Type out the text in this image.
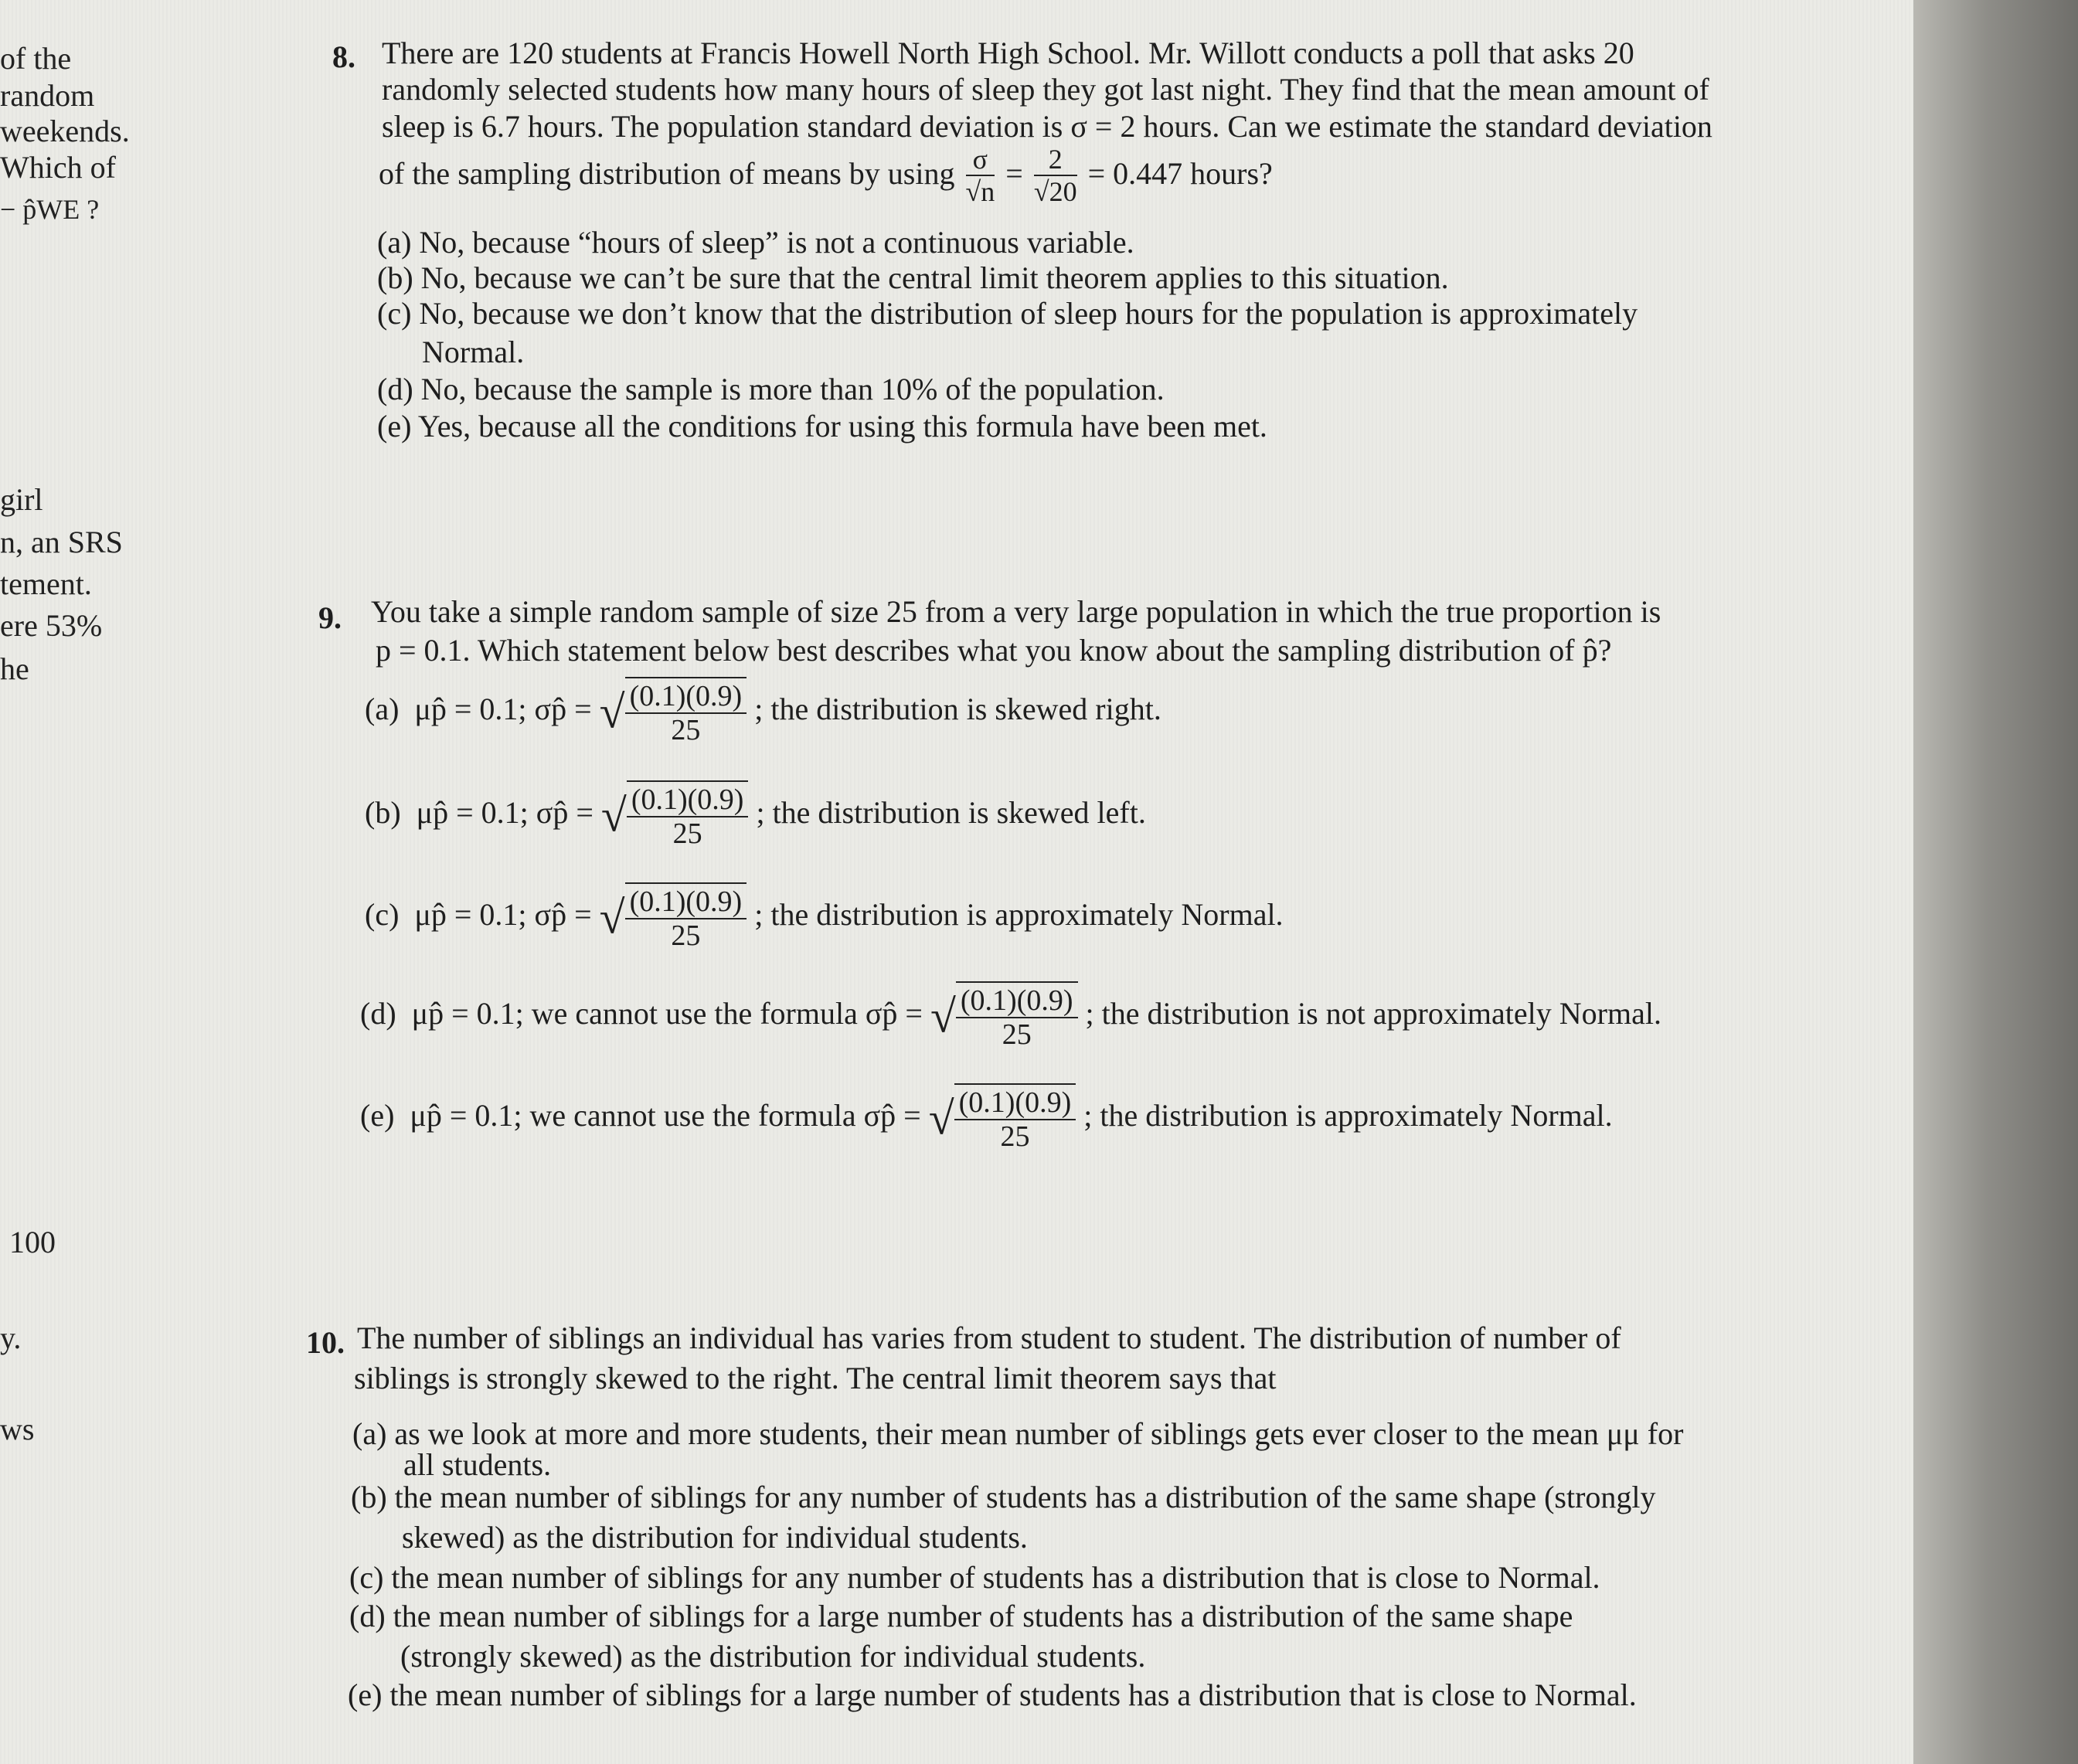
of the
random
weekends.
Which of
− p̂WE ?
girl
n, an SRS
tement.
ere 53%
he
100
y.
ws
8. There are 120 students at Francis Howell North High School. Mr. Willott conducts a poll that asks 20
randomly selected students how many hours of sleep they got last night. They find that the mean amount of
sleep is 6.7 hours. The population standard deviation is σ = 2 hours. Can we estimate the standard deviation
of the sampling distribution of means by using $\frac{\sigma}{√n} = \frac{2}{√20} = 0.447$ hours?
(a) No, because “hours of sleep” is not a continuous variable.
(b) No, because we can’t be sure that the central limit theorem applies to this situation.
(c) No, because we don’t know that the distribution of sleep hours for the population is approximately
Normal.
(d) No, because the sample is more than 10% of the population.
(e) Yes, because all the conditions for using this formula have been met.
9. You take a simple random sample of size 25 from a very large population in which the true proportion is
p = 0.1. Which statement below best describes what you know about the sampling distribution of p̂?
(a) μp̂ = 0.1; σp̂ = √ $\frac{(0.1)(0.9)}{25}$ ; the distribution is skewed right.
(b) μp̂ = 0.1; σp̂ = √ $\frac{(0.1)(0.9)}{25}$ ; the distribution is skewed left.
(c) μp̂ = 0.1; σp̂ = √ $\frac{(0.1)(0.9)}{25}$ ; the distribution is approximately Normal.
(d) μp̂ = 0.1; we cannot use the formula σp̂ = √ $\frac{(0.1)(0.9)}{25}$ ; the distribution is not approximately Normal.
(e) μp̂ = 0.1; we cannot use the formula σp̂ = √ $\frac{(0.1)(0.9)}{25}$ ; the distribution is approximately Normal.
10. The number of siblings an individual has varies from student to student. The distribution of number of
siblings is strongly skewed to the right. The central limit theorem says that
(a) as we look at more and more students, their mean number of siblings gets ever closer to the mean μμ for
all students.
(b) the mean number of siblings for any number of students has a distribution of the same shape (strongly
skewed) as the distribution for individual students.
(c) the mean number of siblings for any number of students has a distribution that is close to Normal.
(d) the mean number of siblings for a large number of students has a distribution of the same shape
(strongly skewed) as the distribution for individual students.
(e) the mean number of siblings for a large number of students has a distribution that is close to Normal.
